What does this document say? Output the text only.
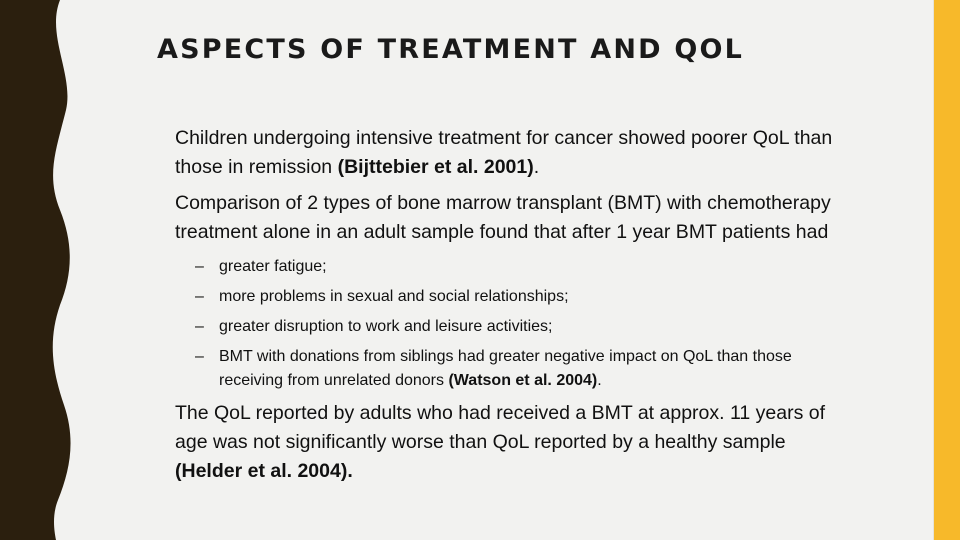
ASPECTS OF TREATMENT AND QOL

Children undergoing intensive treatment for cancer showed poorer QoL than those in remission (Bijttebier et al. 2001).

Comparison of 2 types of bone marrow transplant (BMT) with chemotherapy treatment alone in an adult sample found that after 1 year BMT patients had

– greater fatigue;
– more problems in sexual and social relationships;
– greater disruption to work and leisure activities;
– BMT with donations from siblings had greater negative impact on QoL than those receiving from unrelated donors (Watson et al. 2004).

The QoL reported by adults who had received a BMT at approx. 11 years of age was not significantly worse than QoL reported by a healthy sample (Helder et al. 2004).
